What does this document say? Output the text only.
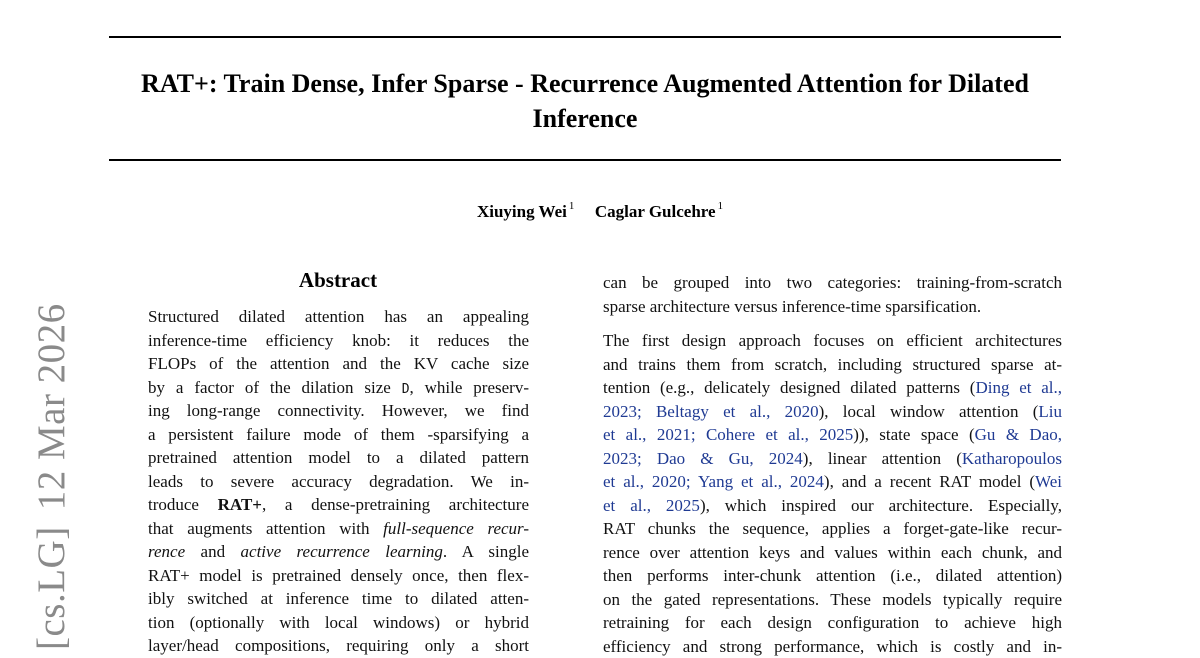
RAT+: Train Dense, Infer Sparse - Recurrence Augmented Attention for Dilated
Inference
Xiuying Wei $^1$ Caglar Gulcehre $^1$
[cs.LG]12 Mar 2026
Abstract
Structured dilated attention has an appealing
inference-time efficiency knob: it reduces the
FLOPs of the attention and the KV cache size
by a factor of the dilation size D, while preserv-
ing long-range connectivity. However, we find
a persistent failure mode of them -sparsifying a
pretrained attention model to a dilated pattern
leads to severe accuracy degradation. We in-
troduce RAT+, a dense-pretraining architecture
that augments attention with full-sequence recur-
rence and active recurrence learning. A single
RAT+ model is pretrained densely once, then flex-
ibly switched at inference time to dilated atten-
tion (optionally with local windows) or hybrid
layer/head compositions, requiring only a short
can be grouped into two categories: training-from-scratch
sparse architecture versus inference-time sparsification.
The first design approach focuses on efficient architectures
and trains them from scratch, including structured sparse at-
tention (e.g., delicately designed dilated patterns (Ding et al.,
2023; Beltagy et al., 2020), local window attention (Liu
et al., 2021; Cohere et al., 2025)), state space (Gu & Dao,
2023; Dao & Gu, 2024), linear attention (Katharopoulos
et al., 2020; Yang et al., 2024), and a recent RAT model (Wei
et al., 2025), which inspired our architecture. Especially,
RAT chunks the sequence, applies a forget-gate-like recur-
rence over attention keys and values within each chunk, and
then performs inter-chunk attention (i.e., dilated attention)
on the gated representations. These models typically require
retraining for each design configuration to achieve high
efficiency and strong performance, which is costly and in-
